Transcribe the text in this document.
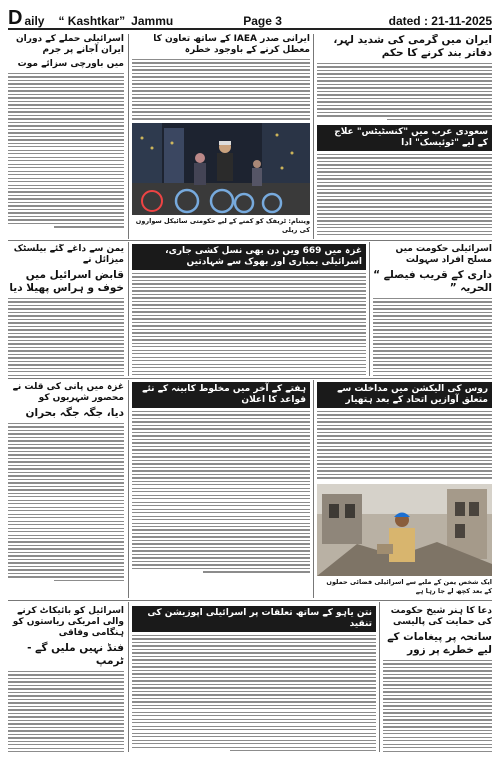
D aily “ Kashtkar” Jammu	Page 3	dated : 21-11-2025
اسرائیلی حملے کے دوران ایران آجانے پر جرم
میں باورچی سزائے موت
ایرانی صدر IAEA کے ساتھ تعاون کا معطل کرنے کے باوجود خطرہ
ویتنام: ٹریفک کو کمنے کے لیے حکومتی سائیکل سواروں کی ریلی
ایران میں گرمی کی شدید لہر، دفاتر بند کرنے کا حکم
سعودی عرب میں "کنسٹیٹس" علاج کے لیے "ٹوئیسک" ادا
یمن سے داغے گئے بیلسٹک میزائل نے
قابض اسرائیل میں خوف و ہراس پھیلا دیا
غزہ میں 669 ویں دن بھی نسل کشی جاری، اسرائیلی بمباری اور بھوک سے شہادتیں
اسرائیلی حکومت میں مسلح افراد سہولت
داری کے قریب فیصلے “ الحریہ ”
غزہ میں پانی کی قلت نے محصور شہریوں کو
دیا، جگہ جگہ بحران
ہفتے کے آخر میں مخلوط کابینہ کے نئے قواعد کا اعلان
روس کی الیکشن میں مداخلت سے متعلق آوازیں اتحاد کے بعد ہتھیار
ایک شخص یمن کے ملبے سے اسرائیلی فضائی حملوں کے بعد کچھ لے جا رہا ہے
اسرائیل کو بائیکاٹ کرنے والی امریکی ریاستوں کو ہنگامی وفاقی
فنڈ نہیں ملیں گے - ٹرمپ
نتن یاہو کے ساتھ تعلقات پر اسرائیلی اپوزیشن کی تنقید
دعا کا ہنر شیخ حکومت کی حمایت کی پالیسی
سانحہ پر پیغامات کے لیے خطرے پر زور
